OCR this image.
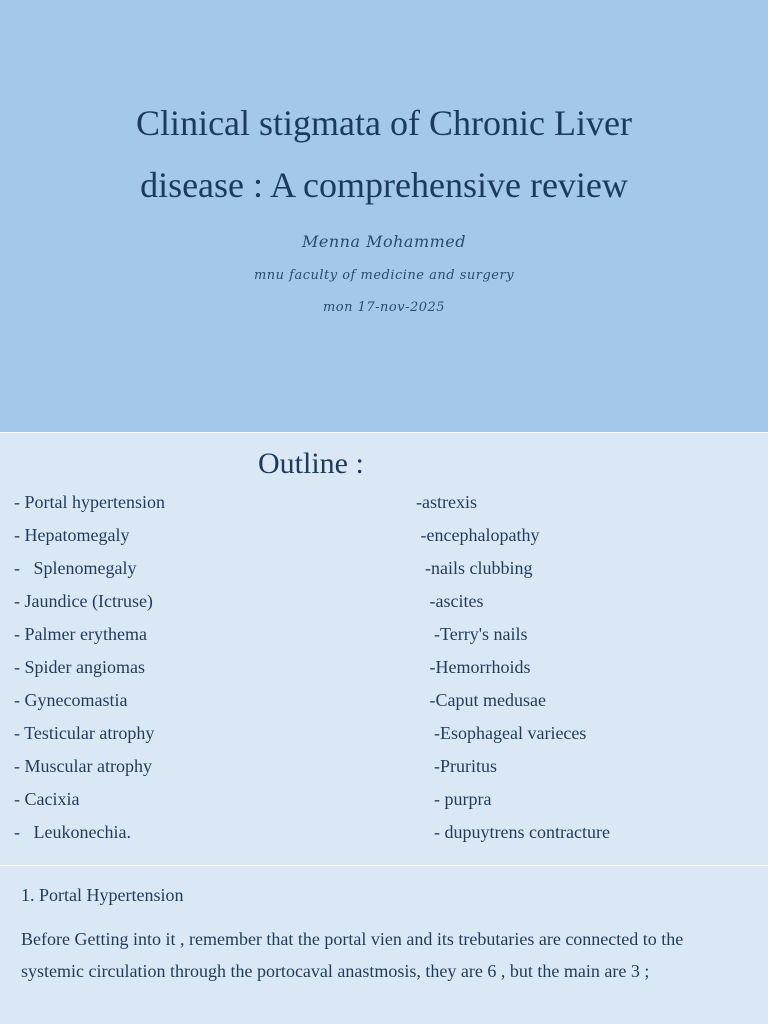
Clinical stigmata of Chronic Liver
disease : A comprehensive review
Menna Mohammed
mnu faculty of medicine and surgery
mon 17-nov-2025
Outline :
- Portal hypertension
- Hepatomegaly
-   Splenomegaly
- Jaundice (Ictruse)
- Palmer erythema
- Spider angiomas
- Gynecomastia
- Testicular atrophy
- Muscular atrophy
- Cacixia
-   Leukonechia.
-astrexis
-encephalopathy
-nails clubbing
-ascites
-Terry's nails
-Hemorrhoids
-Caput medusae
-Esophageal varieces
-Pruritus
- purpra
- dupuytrens contracture
1. Portal Hypertension

Before Getting into it , remember that the portal vien and its trebutaries are connected to the systemic circulation through the portocaval anastmosis, they are 6 , but the main are 3 ;
